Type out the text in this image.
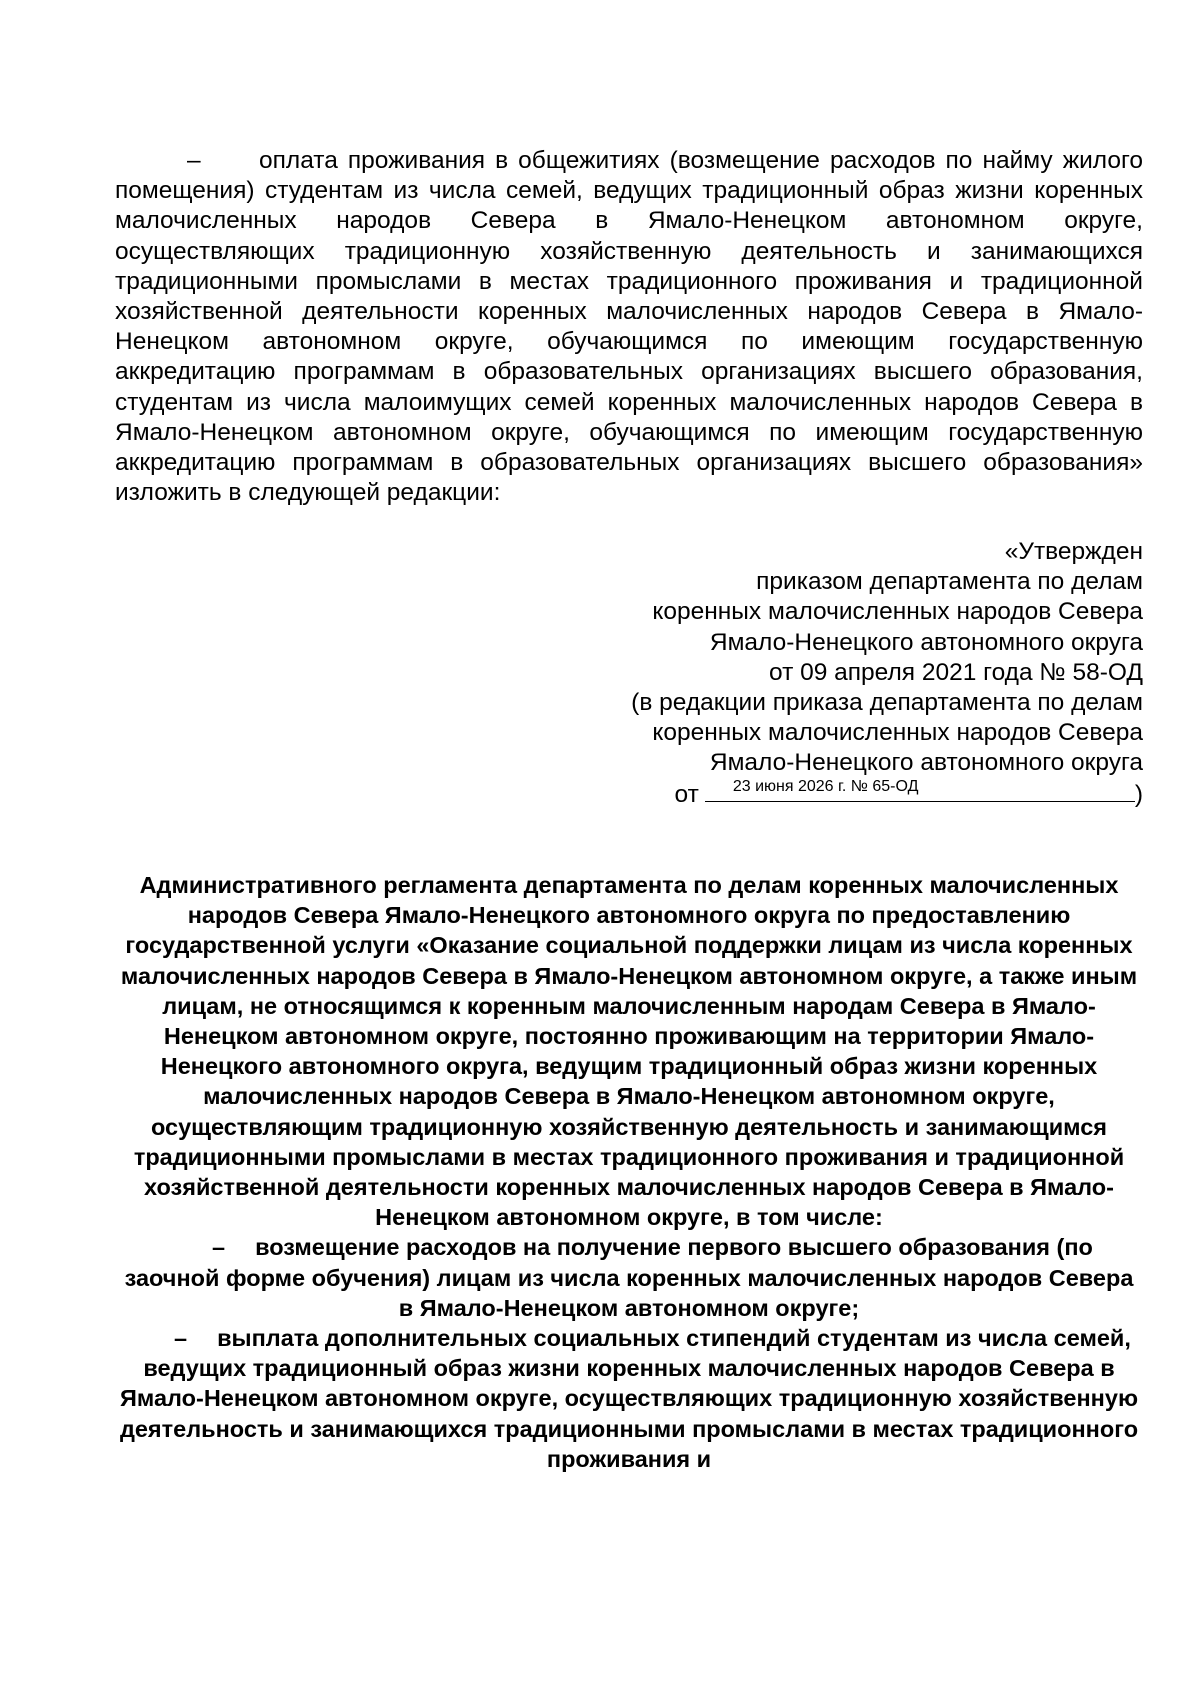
– оплата проживания в общежитиях (возмещение расходов по найму жилого помещения) студентам из числа семей, ведущих традиционный образ жизни коренных малочисленных народов Севера в Ямало-Ненецком автономном округе, осуществляющих традиционную хозяйственную деятельность и занимающихся традиционными промыслами в местах традиционного проживания и традиционной хозяйственной деятельности коренных малочисленных народов Севера в Ямало-Ненецком автономном округе, обучающимся по имеющим государственную аккредитацию программам в образовательных организациях высшего образования, студентам из числа малоимущих семей коренных малочисленных народов Севера в Ямало-Ненецком автономном округе, обучающимся по имеющим государственную аккредитацию программам в образовательных организациях высшего образования» изложить в следующей редакции:

«Утвержден
приказом департамента по делам
коренных малочисленных народов Севера
Ямало-Ненецкого автономного округа
от 09 апреля 2021 года № 58-ОД
(в редакции приказа департамента по делам
коренных малочисленных народов Севера
Ямало-Ненецкого автономного округа
от 23 июня 2026 г. № 65-ОД	)

Административного регламента департамента по делам коренных малочисленных народов Севера Ямало-Ненецкого автономного округа по предоставлению государственной услуги «Оказание социальной поддержки лицам из числа коренных малочисленных народов Севера в Ямало-Ненецком автономном округе, а также иным лицам, не относящимся к коренным малочисленным народам Севера в Ямало-Ненецком автономном округе, постоянно проживающим на территории Ямало-Ненецкого автономного округа, ведущим традиционный образ жизни коренных малочисленных народов Севера в Ямало-Ненецком автономном округе, осуществляющим традиционную хозяйственную деятельность и занимающимся традиционными промыслами в местах традиционного проживания и традиционной хозяйственной деятельности коренных малочисленных народов Севера в Ямало-Ненецком автономном округе, в том числе:

– возмещение расходов на получение первого высшего образования (по заочной форме обучения) лицам из числа коренных малочисленных народов Севера в Ямало-Ненецком автономном округе;

– выплата дополнительных социальных стипендий студентам из числа семей, ведущих традиционный образ жизни коренных малочисленных народов Севера в Ямало-Ненецком автономном округе, осуществляющих традиционную хозяйственную деятельность и занимающихся традиционными промыслами в местах традиционного проживания и
